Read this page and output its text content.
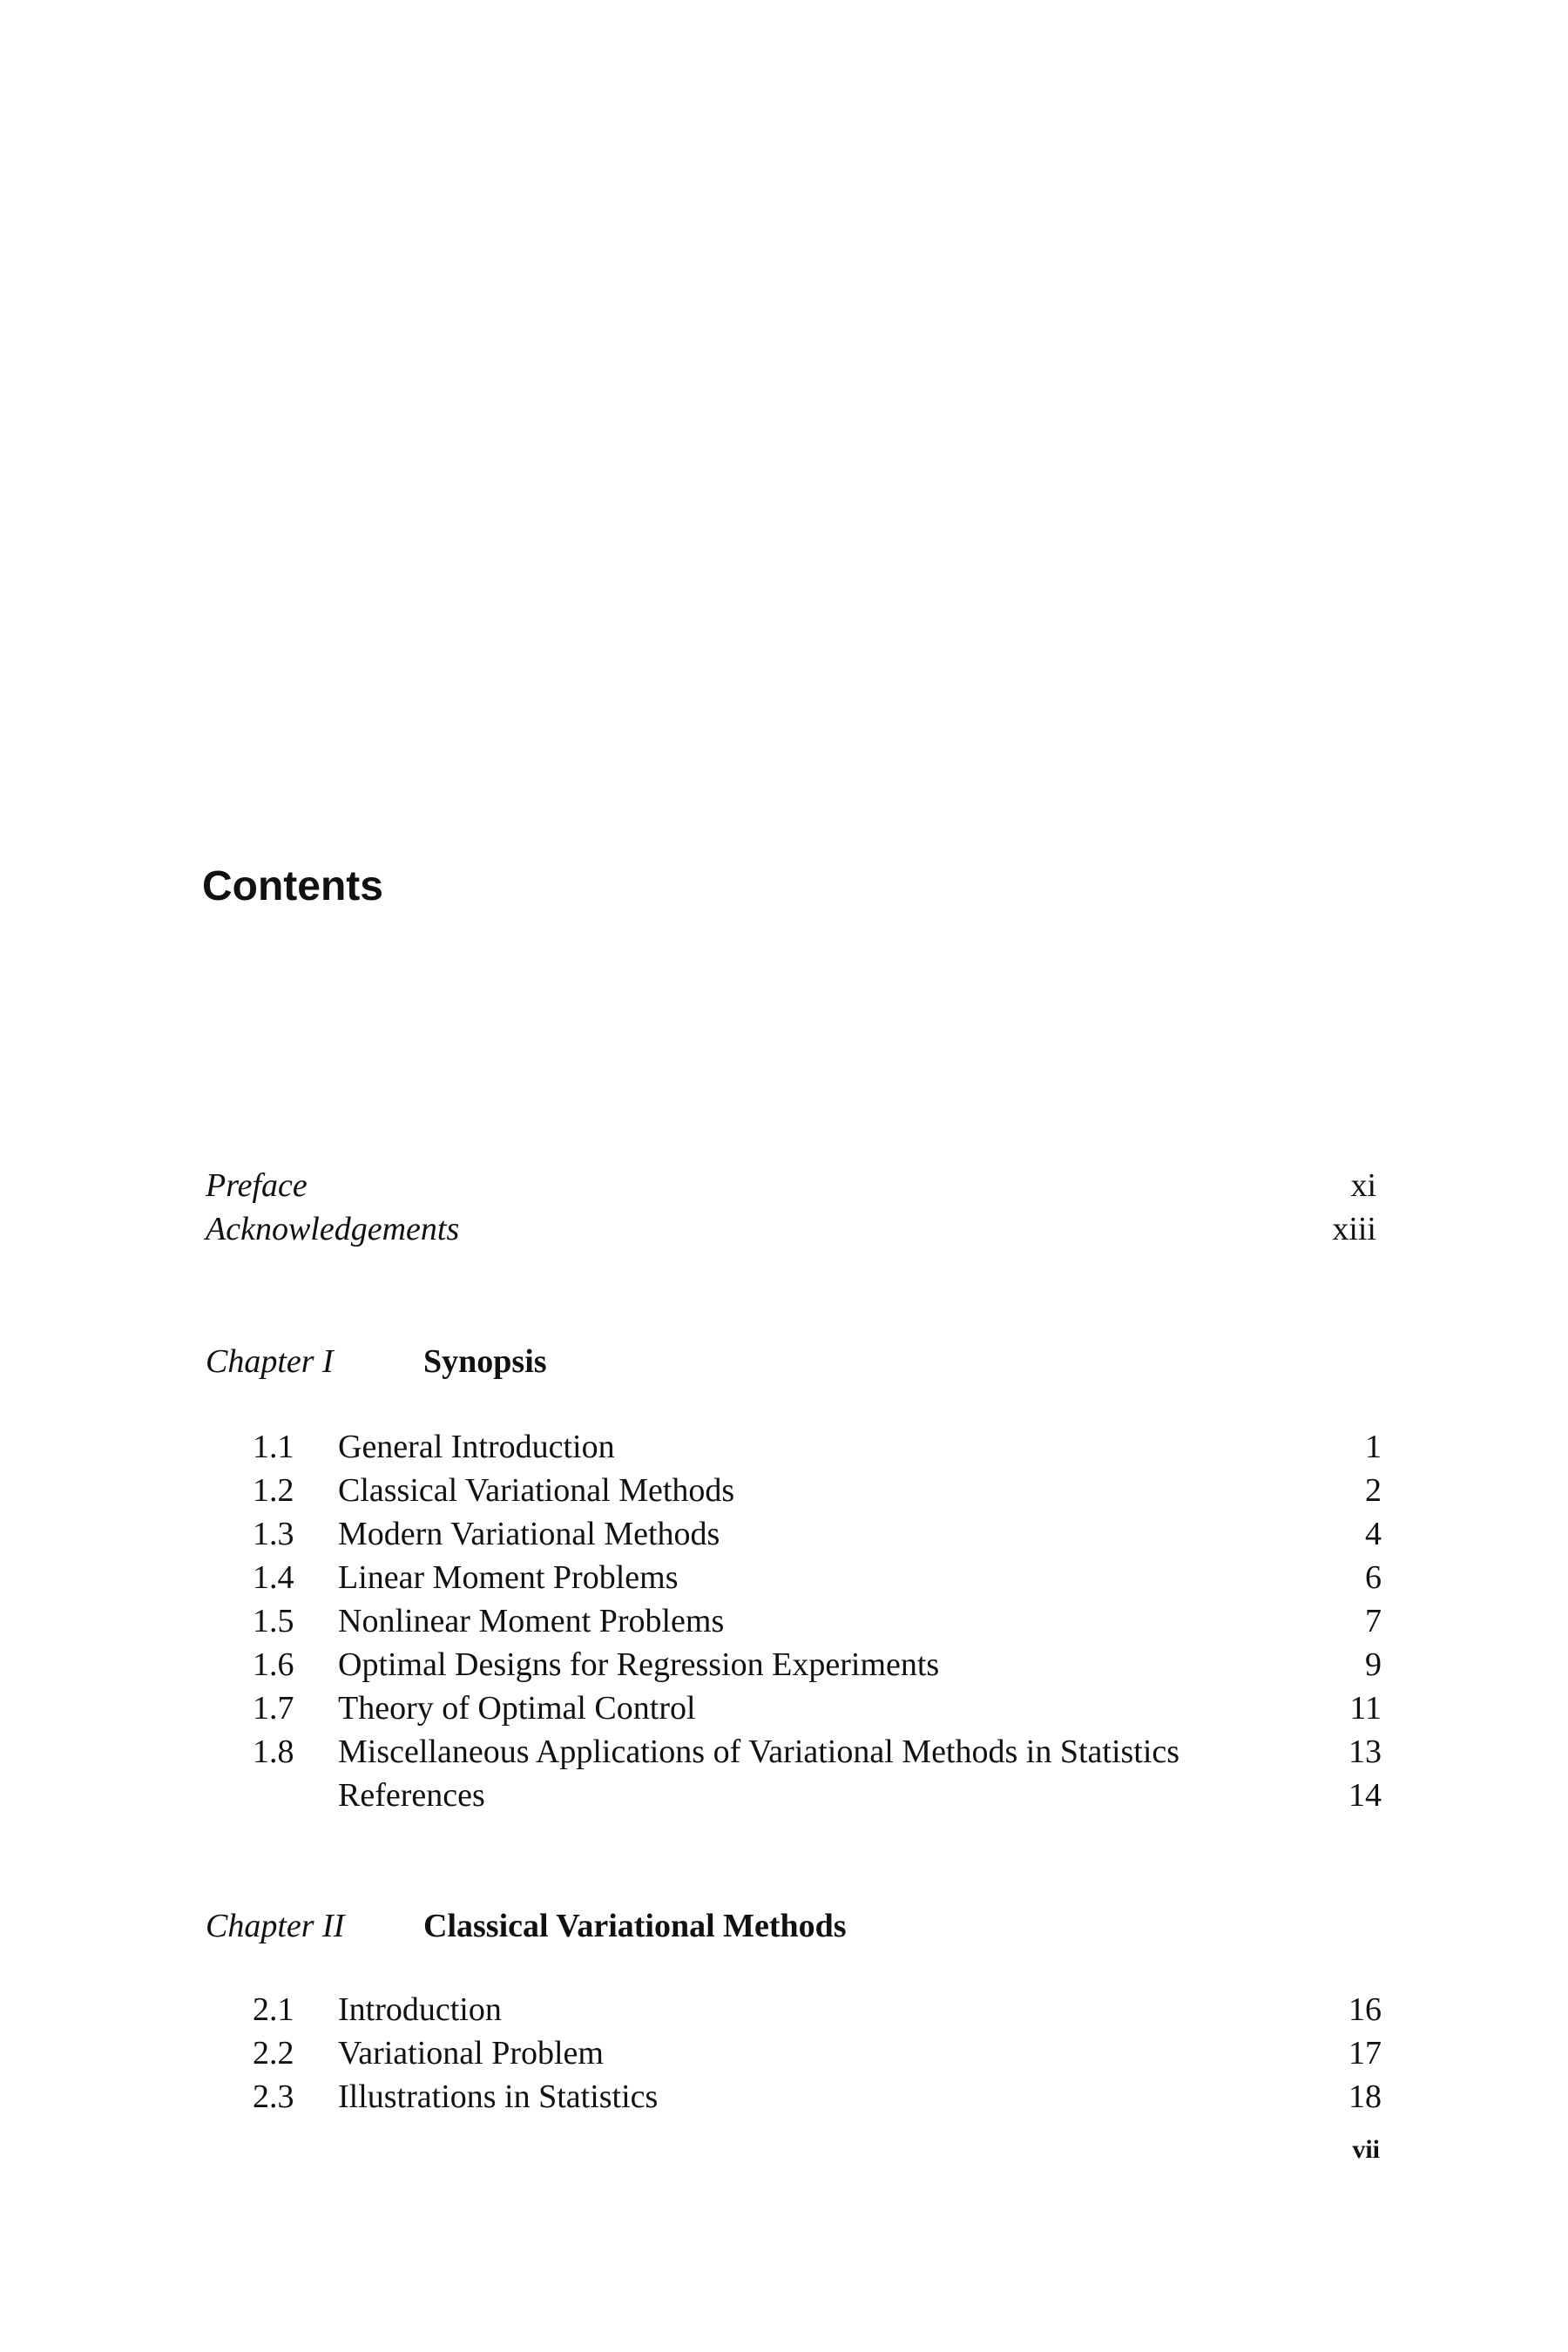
Contents
Preface	xi
Acknowledgements	xiii
Chapter I	Synopsis
1.1	General Introduction	1
1.2	Classical Variational Methods	2
1.3	Modern Variational Methods	4
1.4	Linear Moment Problems	6
1.5	Nonlinear Moment Problems	7
1.6	Optimal Designs for Regression Experiments	9
1.7	Theory of Optimal Control	11
1.8	Miscellaneous Applications of Variational Methods in Statistics	13
References	14
Chapter II	Classical Variational Methods
2.1	Introduction	16
2.2	Variational Problem	17
2.3	Illustrations in Statistics	18
vii
